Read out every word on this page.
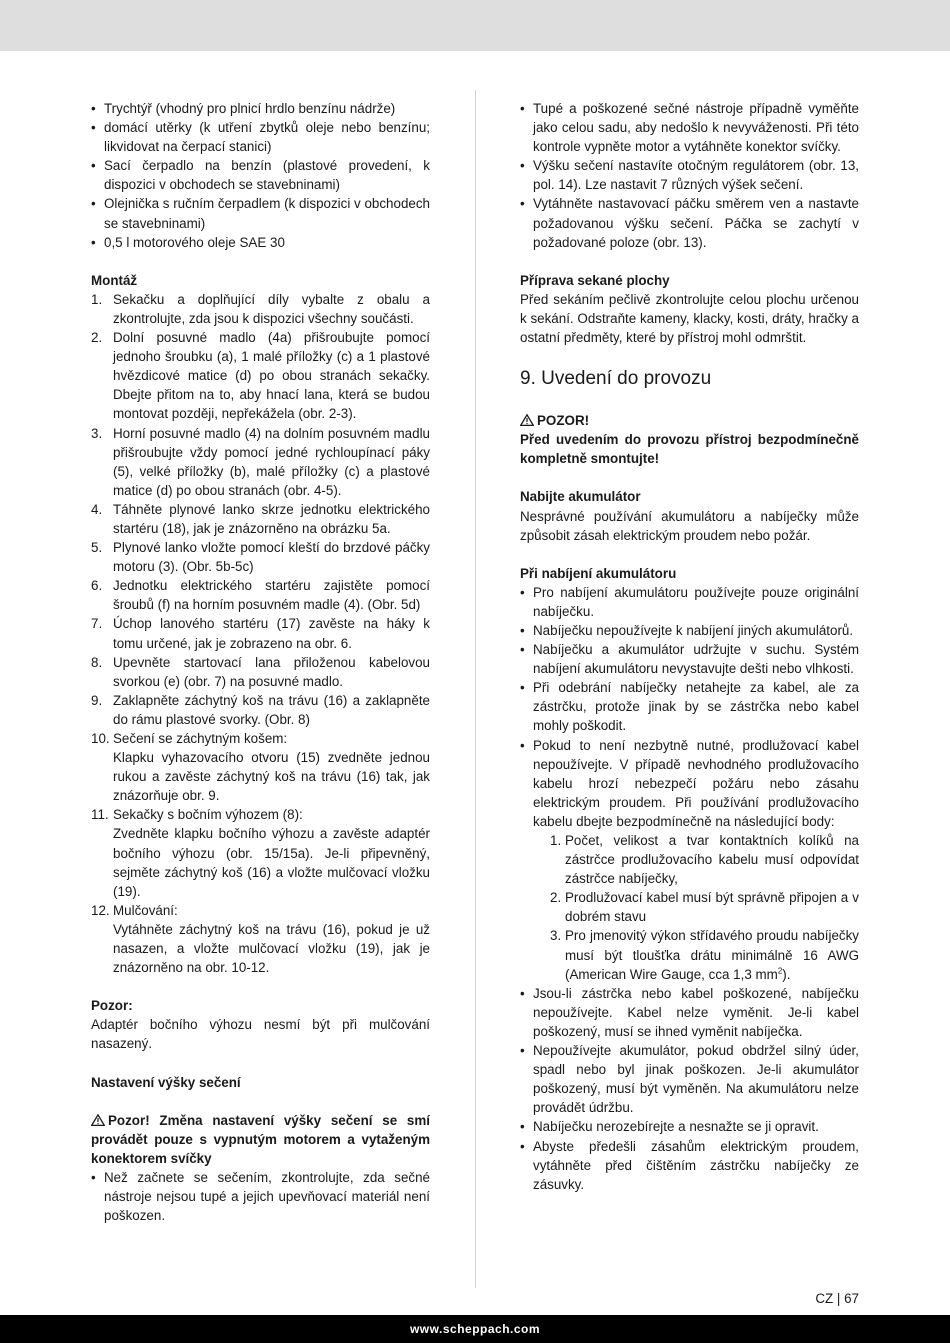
• Trychtýř (vhodný pro plnicí hrdlo benzínu nádrže)
• domácí utěrky (k utření zbytků oleje nebo benzínu; likvidovat na čerpací stanici)
• Sací čerpadlo na benzín (plastové provedení, k dispozici v obchodech se stavebninami)
• Olejnička s ručním čerpadlem (k dispozici v obchodech se stavebninami)
• 0,5 l motorového oleje SAE 30

Montáž

1. Sekačku a doplňující díly vybalte z obalu a zkontrolujte, zda jsou k dispozici všechny součásti.
2. Dolní posuvné madlo (4a) přišroubujte pomocí jednoho šroubku (a), 1 malé příložky (c) a 1 plastové hvězdicové matice (d) po obou stranách sekačky. Dbejte přitom na to, aby hnací lana, která se budou montovat později, nepřekážela (obr. 2-3).
3. Horní posuvné madlo (4) na dolním posuvném madlu přišroubujte vždy pomocí jedné rychloupínací páky (5), velké příložky (b), malé příložky (c) a plastové matice (d) po obou stranách (obr. 4-5).
4. Táhněte plynové lanko skrze jednotku elektrického startéru (18), jak je znázorněno na obrázku 5a.
5. Plynové lanko vložte pomocí kleští do brzdové páčky motoru (3). (Obr. 5b-5c)
6. Jednotku elektrického startéru zajistěte pomocí šroubů (f) na horním posuvném madle (4). (Obr. 5d)
7. Úchop lanového startéru (17) zavěste na háky k tomu určené, jak je zobrazeno na obr. 6.
8. Upevněte startovací lana přiloženou kabelovou svorkou (e) (obr. 7) na posuvné madlo.
9. Zaklapněte záchytný koš na trávu (16) a zaklapněte do rámu plastové svorky. (Obr. 8)
10. Sečení se záchytným košem:
Klapku vyhazovacího otvoru (15) zvedněte jednou rukou a zavěste záchytný koš na trávu (16) tak, jak znázorňuje obr. 9.
11. Sekačky s bočním výhozem (8):
Zvedněte klapku bočního výhozu a zavěste adaptér bočního výhozu (obr. 15/15a). Je-li připevněný, sejměte záchytný koš (16) a vložte mulčovací vložku (19).
12. Mulčování:
Vytáhněte záchytný koš na trávu (16), pokud je už nasazen, a vložte mulčovací vložku (19), jak je znázorněno na obr. 10-12.

Pozor:

Adaptér bočního výhozu nesmí být při mulčování nasazený.

Nastavení výšky sečení

Pozor! Změna nastavení výšky sečení se smí provádět pouze s vypnutým motorem a vytaženým konektorem svíčky

• Než začnete se sečením, zkontrolujte, zda sečné nástroje nejsou tupé a jejich upevňovací materiál není poškozen.
• Tupé a poškozené sečné nástroje případně vyměňte jako celou sadu, aby nedošlo k nevyváženosti. Při této kontrole vypněte motor a vytáhněte konektor svíčky.
• Výšku sečení nastavíte otočným regulátorem (obr. 13, pol. 14). Lze nastavit 7 různých výšek sečení.
• Vytáhněte nastavovací páčku směrem ven a nastavte požadovanou výšku sečení. Páčka se zachytí v požadované poloze (obr. 13).

Příprava sekané plochy

Před sekáním pečlivě zkontrolujte celou plochu určenou k sekání. Odstraňte kameny, klacky, kosti, dráty, hračky a ostatní předměty, které by přístroj mohl odmrštit.

9. Uvedení do provozu

POZOR!

Před uvedením do provozu přístroj bezpodmínečně kompletně smontujte!

Nabijte akumulátor

Nesprávné používání akumulátoru a nabíječky může způsobit zásah elektrickým proudem nebo požár.

Při nabíjení akumulátoru

• Pro nabíjení akumulátoru používejte pouze originální nabíječku.
• Nabíječku nepoužívejte k nabíjení jiných akumulátorů.
• Nabíječku a akumulátor udržujte v suchu. Systém nabíjení akumulátoru nevystavujte dešti nebo vlhkosti.
• Při odebrání nabíječky netahejte za kabel, ale za zástrčku, protože jinak by se zástrčka nebo kabel mohly poškodit.
• Pokud to není nezbytně nutné, prodlužovací kabel nepoužívejte. V případě nevhodného prodlužovacího kabelu hrozí nebezpečí požáru nebo zásahu elektrickým proudem. Při používání prodlužovacího kabelu dbejte bezpodmínečně na následující body:
1. Počet, velikost a tvar kontaktních kolíků na zástrčce prodlužovacího kabelu musí odpovídat zástrčce nabíječky,
2. Prodlužovací kabel musí být správně připojen a v dobrém stavu
3. Pro jmenovitý výkon střídavého proudu nabíječky musí být tloušťka drátu minimálně 16 AWG (American Wire Gauge, cca 1,3 $mm^2$).
• Jsou-li zástrčka nebo kabel poškozené, nabíječku nepoužívejte. Kabel nelze vyměnit. Je-li kabel poškozený, musí se ihned vyměnit nabíječka.
• Nepoužívejte akumulátor, pokud obdržel silný úder, spadl nebo byl jinak poškozen. Je-li akumulátor poškozený, musí být vyměněn. Na akumulátoru nelze provádět údržbu.
• Nabíječku nerozebírejte a nesnažte se ji opravit.
• Abyste předešli zásahům elektrickým proudem, vytáhněte před čištěním zástrčku nabíječky ze zásuvky.
CZ | 67
www.scheppach.com
